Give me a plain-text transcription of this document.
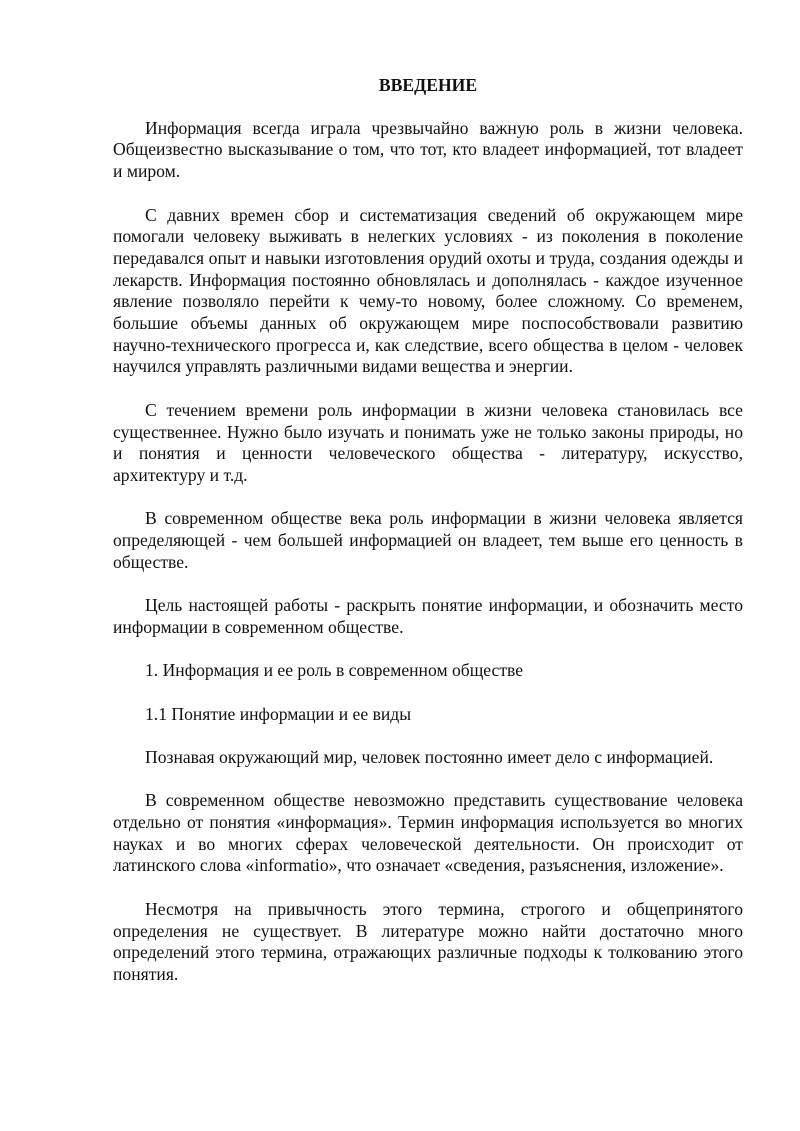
ВВЕДЕНИЕ

Информация всегда играла чрезвычайно важную роль в жизни человека. Общеизвестно высказывание о том, что тот, кто владеет информацией, тот владеет и миром.

С давних времен сбор и систематизация сведений об окружающем мире помогали человеку выживать в нелегких условиях - из поколения в поколение передавался опыт и навыки изготовления орудий охоты и труда, создания одежды и лекарств. Информация постоянно обновлялась и дополнялась - каждое изученное явление позволяло перейти к чему-то новому, более сложному. Со временем, большие объемы данных об окружающем мире поспособствовали развитию научно-технического прогресса и, как следствие, всего общества в целом - человек научился управлять различными видами вещества и энергии.

С течением времени роль информации в жизни человека становилась все существеннее. Нужно было изучать и понимать уже не только законы природы, но и понятия и ценности человеческого общества - литературу, искусство, архитектуру и т.д.

В современном обществе века роль информации в жизни человека является определяющей - чем большей информацией он владеет, тем выше его ценность в обществе.

Цель настоящей работы - раскрыть понятие информации, и обозначить место информации в современном обществе.

1. Информация и ее роль в современном обществе

1.1 Понятие информации и ее виды

Познавая окружающий мир, человек постоянно имеет дело с информацией.

В современном обществе невозможно представить существование человека отдельно от понятия «информация». Термин информация используется во многих науках и во многих сферах человеческой деятельности. Он происходит от латинского слова «informatio», что означает «сведения, разъяснения, изложение».

Несмотря на привычность этого термина, строгого и общепринятого определения не существует. В литературе можно найти достаточно много определений этого термина, отражающих различные подходы к толкованию этого понятия.
